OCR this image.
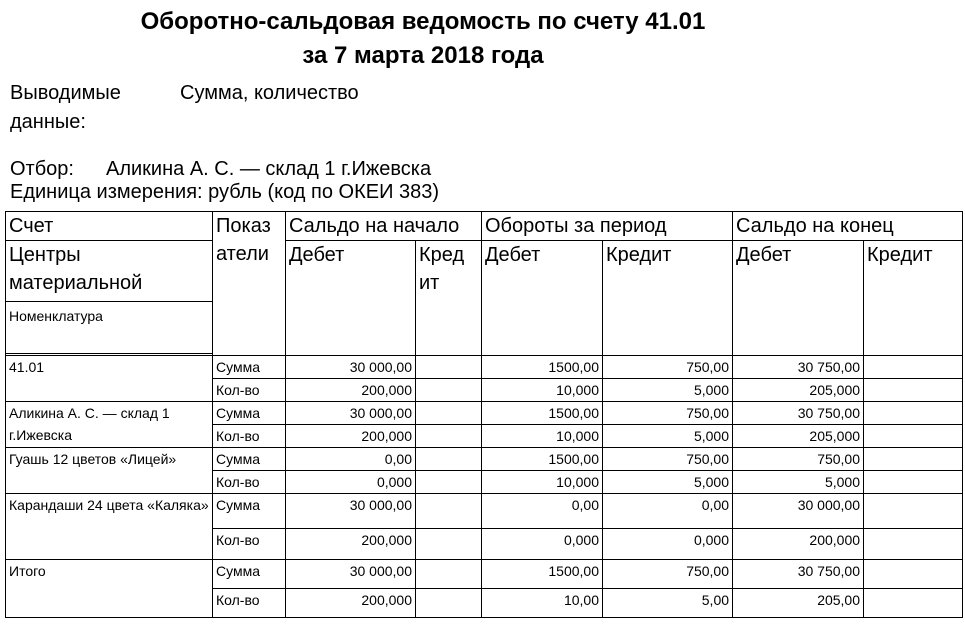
Оборотно-сальдовая ведомость по счету 41.01
за 7 марта 2018 года
Выводимые
данные:
Сумма, количество
Отбор: Аликина А. С. — склад 1 г.Ижевска
Единица измерения: рубль (код по ОКЕИ 383)
Счет	Показ атели	Сальдо на начало		Обороты за период		Сальдо на конец	
Центры материальной		Дебет	Кред ит	Дебет	Кредит	Дебет	Кредит
Номенклатура							

41.01	Сумма	30 000,00		1500,00	750,00	30 750,00	
	Кол-во	200,000		10,000	5,000	205,000	
Аликина А. С. — склад 1 г.Ижевска	Сумма	30 000,00		1500,00	750,00	30 750,00	
	Кол-во	200,000		10,000	5,000	205,000	
Гуашь 12 цветов «Лицей»	Сумма	0,00		1500,00	750,00	750,00	
	Кол-во	0,000		10,000	5,000	5,000	
Карандаши 24 цвета «Каляка»	Сумма	30 000,00		0,00	0,00	30 000,00	
	Кол-во	200,000		0,000	0,000	200,000	
Итого	Сумма	30 000,00		1500,00	750,00	30 750,00	
	Кол-во	200,000		10,00	5,00	205,00	
